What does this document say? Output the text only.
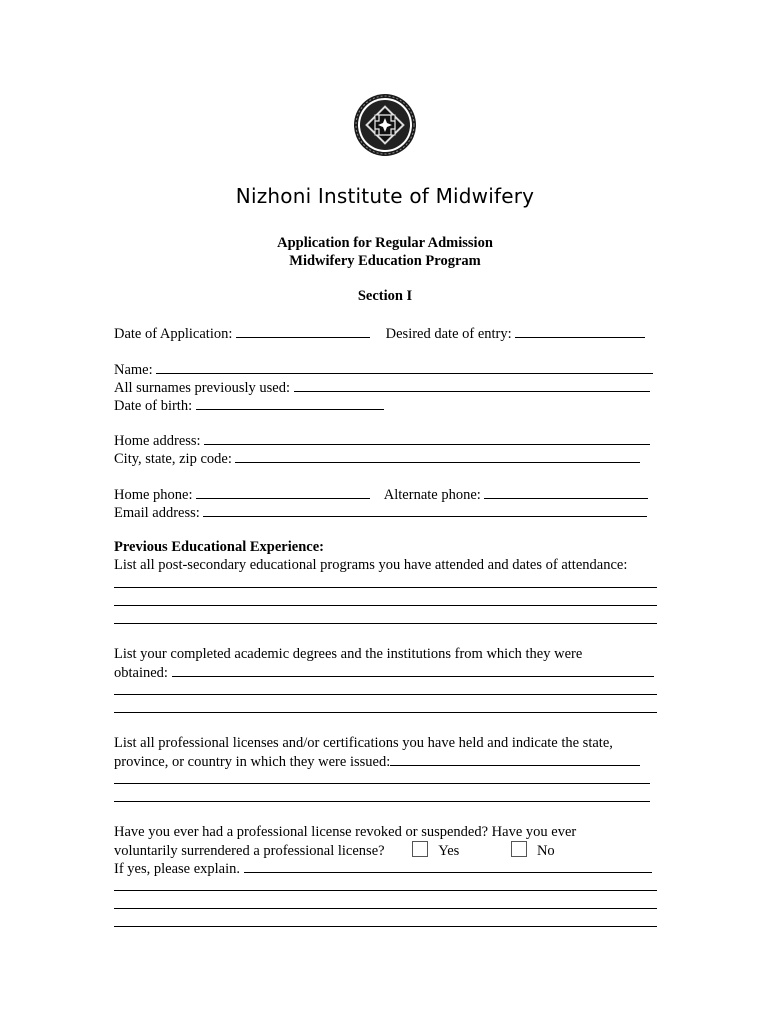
Nizhoni Institute of Midwifery
Application for Regular Admission
Midwifery Education Program
Section I
Date of Application:	Desired date of entry:
Name:
All surnames previously used:
Date of birth:
Home address:
City, state, zip code:
Home phone:	Alternate phone:
Email address:
Previous Educational Experience:
List all post-secondary educational programs you have attended and dates of attendance:
List your completed academic degrees and the institutions from which they were
obtained:
List all professional licenses and/or certifications you have held and indicate the state,
province, or country in which they were issued:
Have you ever had a professional license revoked or suspended? Have you ever
voluntarily surrendered a professional license?	Yes	No
If yes, please explain.
